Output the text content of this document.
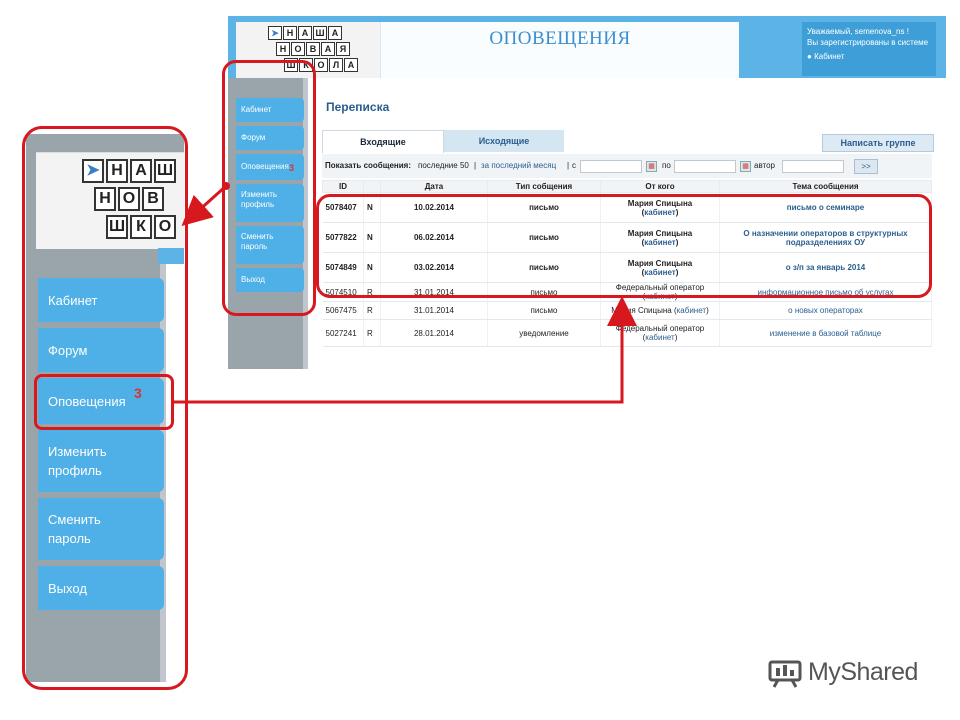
➤ Н А Ш А
Н О В А Я
Ш К О Л А
ОПОВЕЩЕНИЯ	Уважаемый, semenova_ns !
Вы зарегистрированы в системе
● Кабинет
Кабинет
Форум
Оповещения 3
Изменить профиль
Сменить пароль
Выход
Переписка
Входящие	Исходящие	Написать группе
Показать сообщения: последние 50 | за последний месяц | с	▦ по	▦ автор	>>
ID		Дата	Тип собщения	От кого	Тема сообщения
5078407	N	10.02.2014	письмо	Мария Спицына
(кабинет)	письмо о семинаре
5077822	N	06.02.2014	письмо	Мария Спицына
(кабинет)	О назначении операторов в структурных подразделениях ОУ
5074849	N	03.02.2014	письмо	Мария Спицына
(кабинет)	о з/п за январь 2014
5074510	R	31.01.2014	письмо	Федеральный оператор
(кабинет)	информационное письмо об услугах
5067475	R	31.01.2014	письмо	Мария Спицына (кабинет)	о новых операторах
5027241	R	28.01.2014	уведомление	Федеральный оператор
(кабинет)	изменение в базовой таблице
➤ Н А Ш
Н О В
Ш К О
Кабинет
Форум
Оповещения 3
Изменить профиль
Сменить пароль
Выход
MyShared
